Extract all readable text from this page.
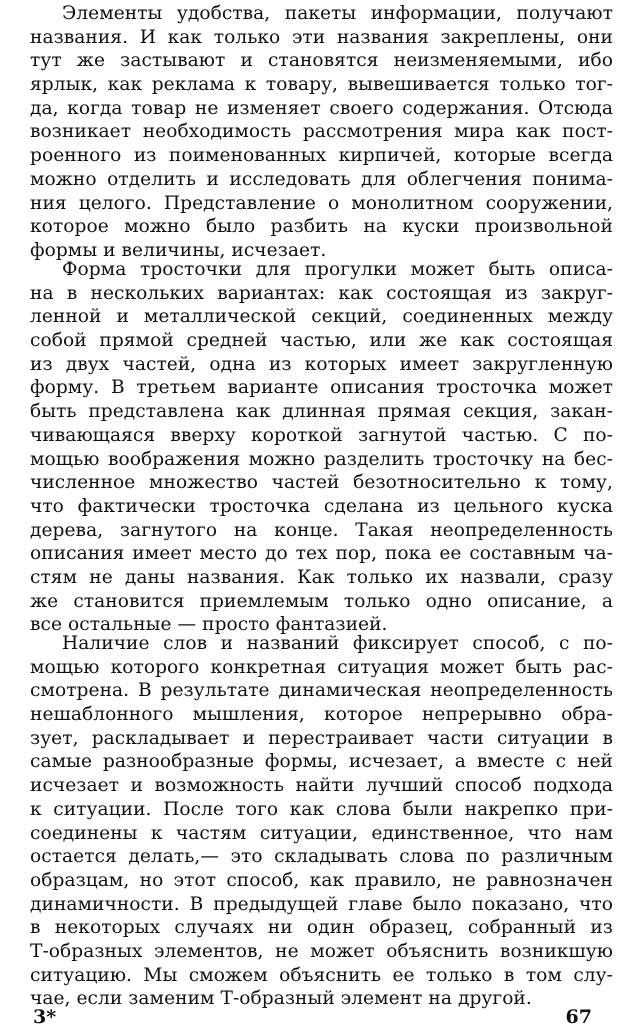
Элементы удобства, пакеты информации, получают
названия. И как только эти названия закреплены, они
тут же застывают и становятся неизменяемыми, ибо
ярлык, как реклама к товару, вывешивается только тог-
да, когда товар не изменяет своего содержания. Отсюда
возникает необходимость рассмотрения мира как пост-
роенного из поименованных кирпичей, которые всегда
можно отделить и исследовать для облегчения понима-
ния целого. Представление о монолитном сооружении,
которое можно было разбить на куски произвольной
формы и величины, исчезает.
Форма тросточки для прогулки может быть описа-
на в нескольких вариантах: как состоящая из закруг-
ленной и металлической секций, соединенных между
собой прямой средней частью, или же как состоящая
из двух частей, одна из которых имеет закругленную
форму. В третьем варианте описания тросточка может
быть представлена как длинная прямая секция, закан-
чивающаяся вверху короткой загнутой частью. С по-
мощью воображения можно разделить тросточку на бес-
численное множество частей безотносительно к тому,
что фактически тросточка сделана из цельного куска
дерева, загнутого на конце. Такая неопределенность
описания имеет место до тех пор, пока ее составным ча-
стям не даны названия. Как только их назвали, сразу
же становится приемлемым только одно описание, а
все остальные — просто фантазией.
Наличие слов и названий фиксирует способ, с по-
мощью которого конкретная ситуация может быть рас-
смотрена. В результате динамическая неопределенность
нешаблонного мышления, которое непрерывно обра-
зует, раскладывает и перестраивает части ситуации в
самые разнообразные формы, исчезает, а вместе с ней
исчезает и возможность найти лучший способ подхода
к ситуации. После того как слова были накрепко при-
соединены к частям ситуации, единственное, что нам
остается делать,— это складывать слова по различным
образцам, но этот способ, как правило, не равнозначен
динамичности. В предыдущей главе было показано, что
в некоторых случаях ни один образец, собранный из
Т-образных элементов, не может объяснить возникшую
ситуацию. Мы сможем объяснить ее только в том слу-
чае, если заменим Т-образный элемент на другой.
3*	67
